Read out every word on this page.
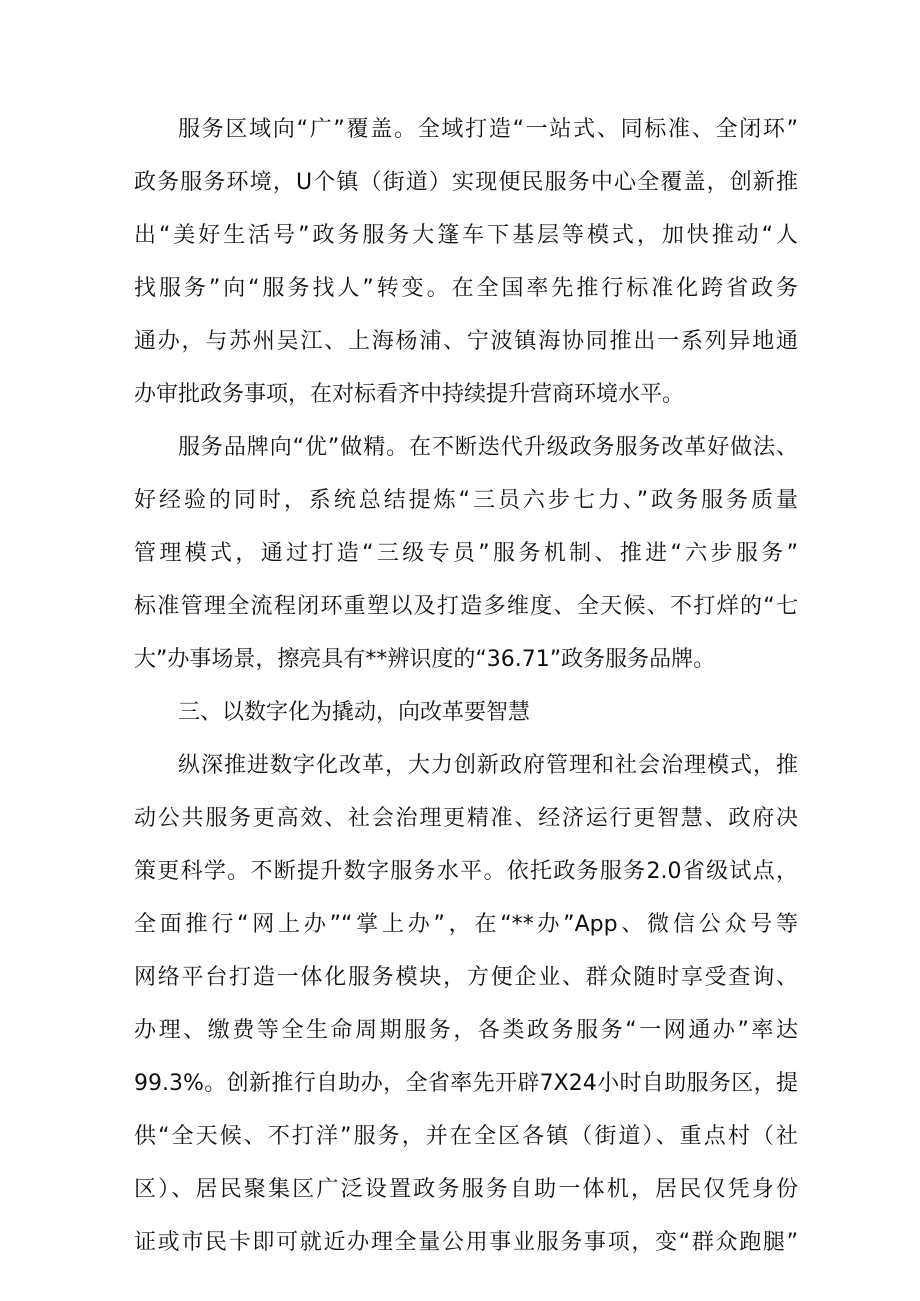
服务区域向“广”覆盖。全域打造“一站式、同标准、全闭环”

政务服务环境，U个镇（街道）实现便民服务中心全覆盖，创新推

出“美好生活号”政务服务大篷车下基层等模式，加快推动“人

找服务”向“服务找人”转变。在全国率先推行标准化跨省政务

通办，与苏州吴江、上海杨浦、宁波镇海协同推出一系列异地通

办审批政务事项，在对标看齐中持续提升营商环境水平。

服务品牌向“优”做精。在不断迭代升级政务服务改革好做法、

好经验的同时，系统总结提炼“三员六步七力、”政务服务质量

管理模式，通过打造“三级专员”服务机制、推进“六步服务”

标准管理全流程闭环重塑以及打造多维度、全天候、不打烊的“七

大”办事场景，擦亮具有**辨识度的“36.71”政务服务品牌。

三、以数字化为撬动，向改革要智慧

纵深推进数字化改革，大力创新政府管理和社会治理模式，推

动公共服务更高效、社会治理更精准、经济运行更智慧、政府决

策更科学。不断提升数字服务水平。依托政务服务2.0省级试点，

全面推行“网上办”“掌上办”，在“**办”App、微信公众号等

网络平台打造一体化服务模块，方便企业、群众随时享受查询、

办理、缴费等全生命周期服务，各类政务服务“一网通办”率达

99.3%。创新推行自助办，全省率先开辟7X24小时自助服务区，提

供“全天候、不打洋”服务，并在全区各镇（街道）、重点村（社

区）、居民聚集区广泛设置政务服务自助一体机，居民仅凭身份

证或市民卡即可就近办理全量公用事业服务事项，变“群众跑腿”
